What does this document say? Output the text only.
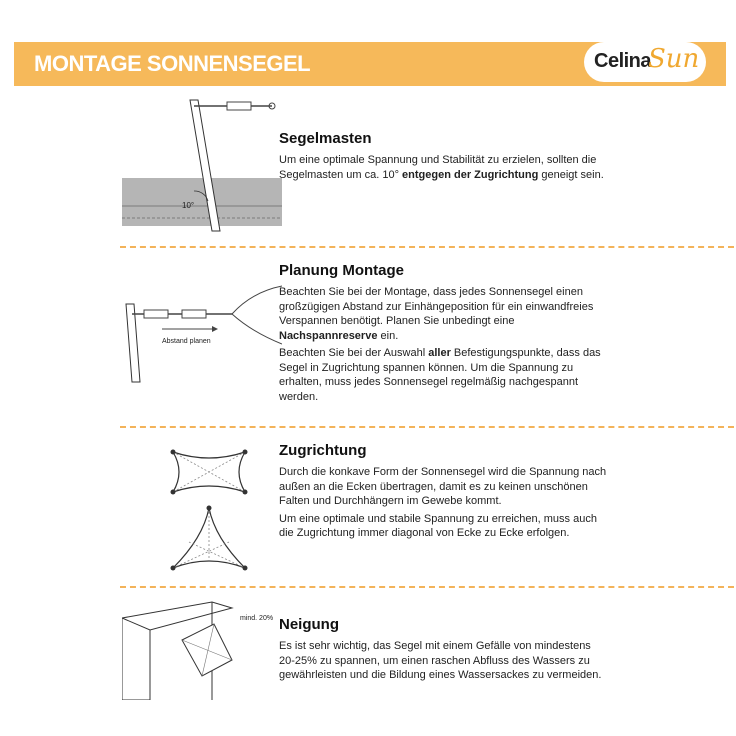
MONTAGE SONNENSEGEL	Celina
Sun
10°

Segelmasten

Um eine optimale Spannung und Stabilität zu erzielen, sollten die Segelmasten um ca. 10° entgegen der Zugrichtung geneigt sein.

Abstand planen

Planung Montage

Beachten Sie bei der Montage, dass jedes Sonnensegel einen großzügigen Abstand zur Einhängeposition für ein einwandfreies Verspannen benötigt. Planen Sie unbedingt eine Nachspannreserve ein.

Beachten Sie bei der Auswahl aller Befestigungspunkte, dass das Segel in Zugrichtung spannen können. Um die Spannung zu erhalten, muss jedes Sonnensegel regelmäßig nachgespannt werden.

Zugrichtung

Durch die konkave Form der Sonnensegel wird die Spannung nach außen an die Ecken übertragen, damit es zu keinen unschönen Falten und Durchhängern im Gewebe kommt.

Um eine optimale und stabile Spannung zu erreichen, muss auch die Zugrichtung immer diagonal von Ecke zu Ecke erfolgen.

mind. 20% Neigung

Es ist sehr wichtig, das Segel mit einem Gefälle von mindestens 20-25% zu spannen, um einen raschen Abfluss des Wassers zu gewährleisten und die Bildung eines Wassersackes zu vermeiden.
